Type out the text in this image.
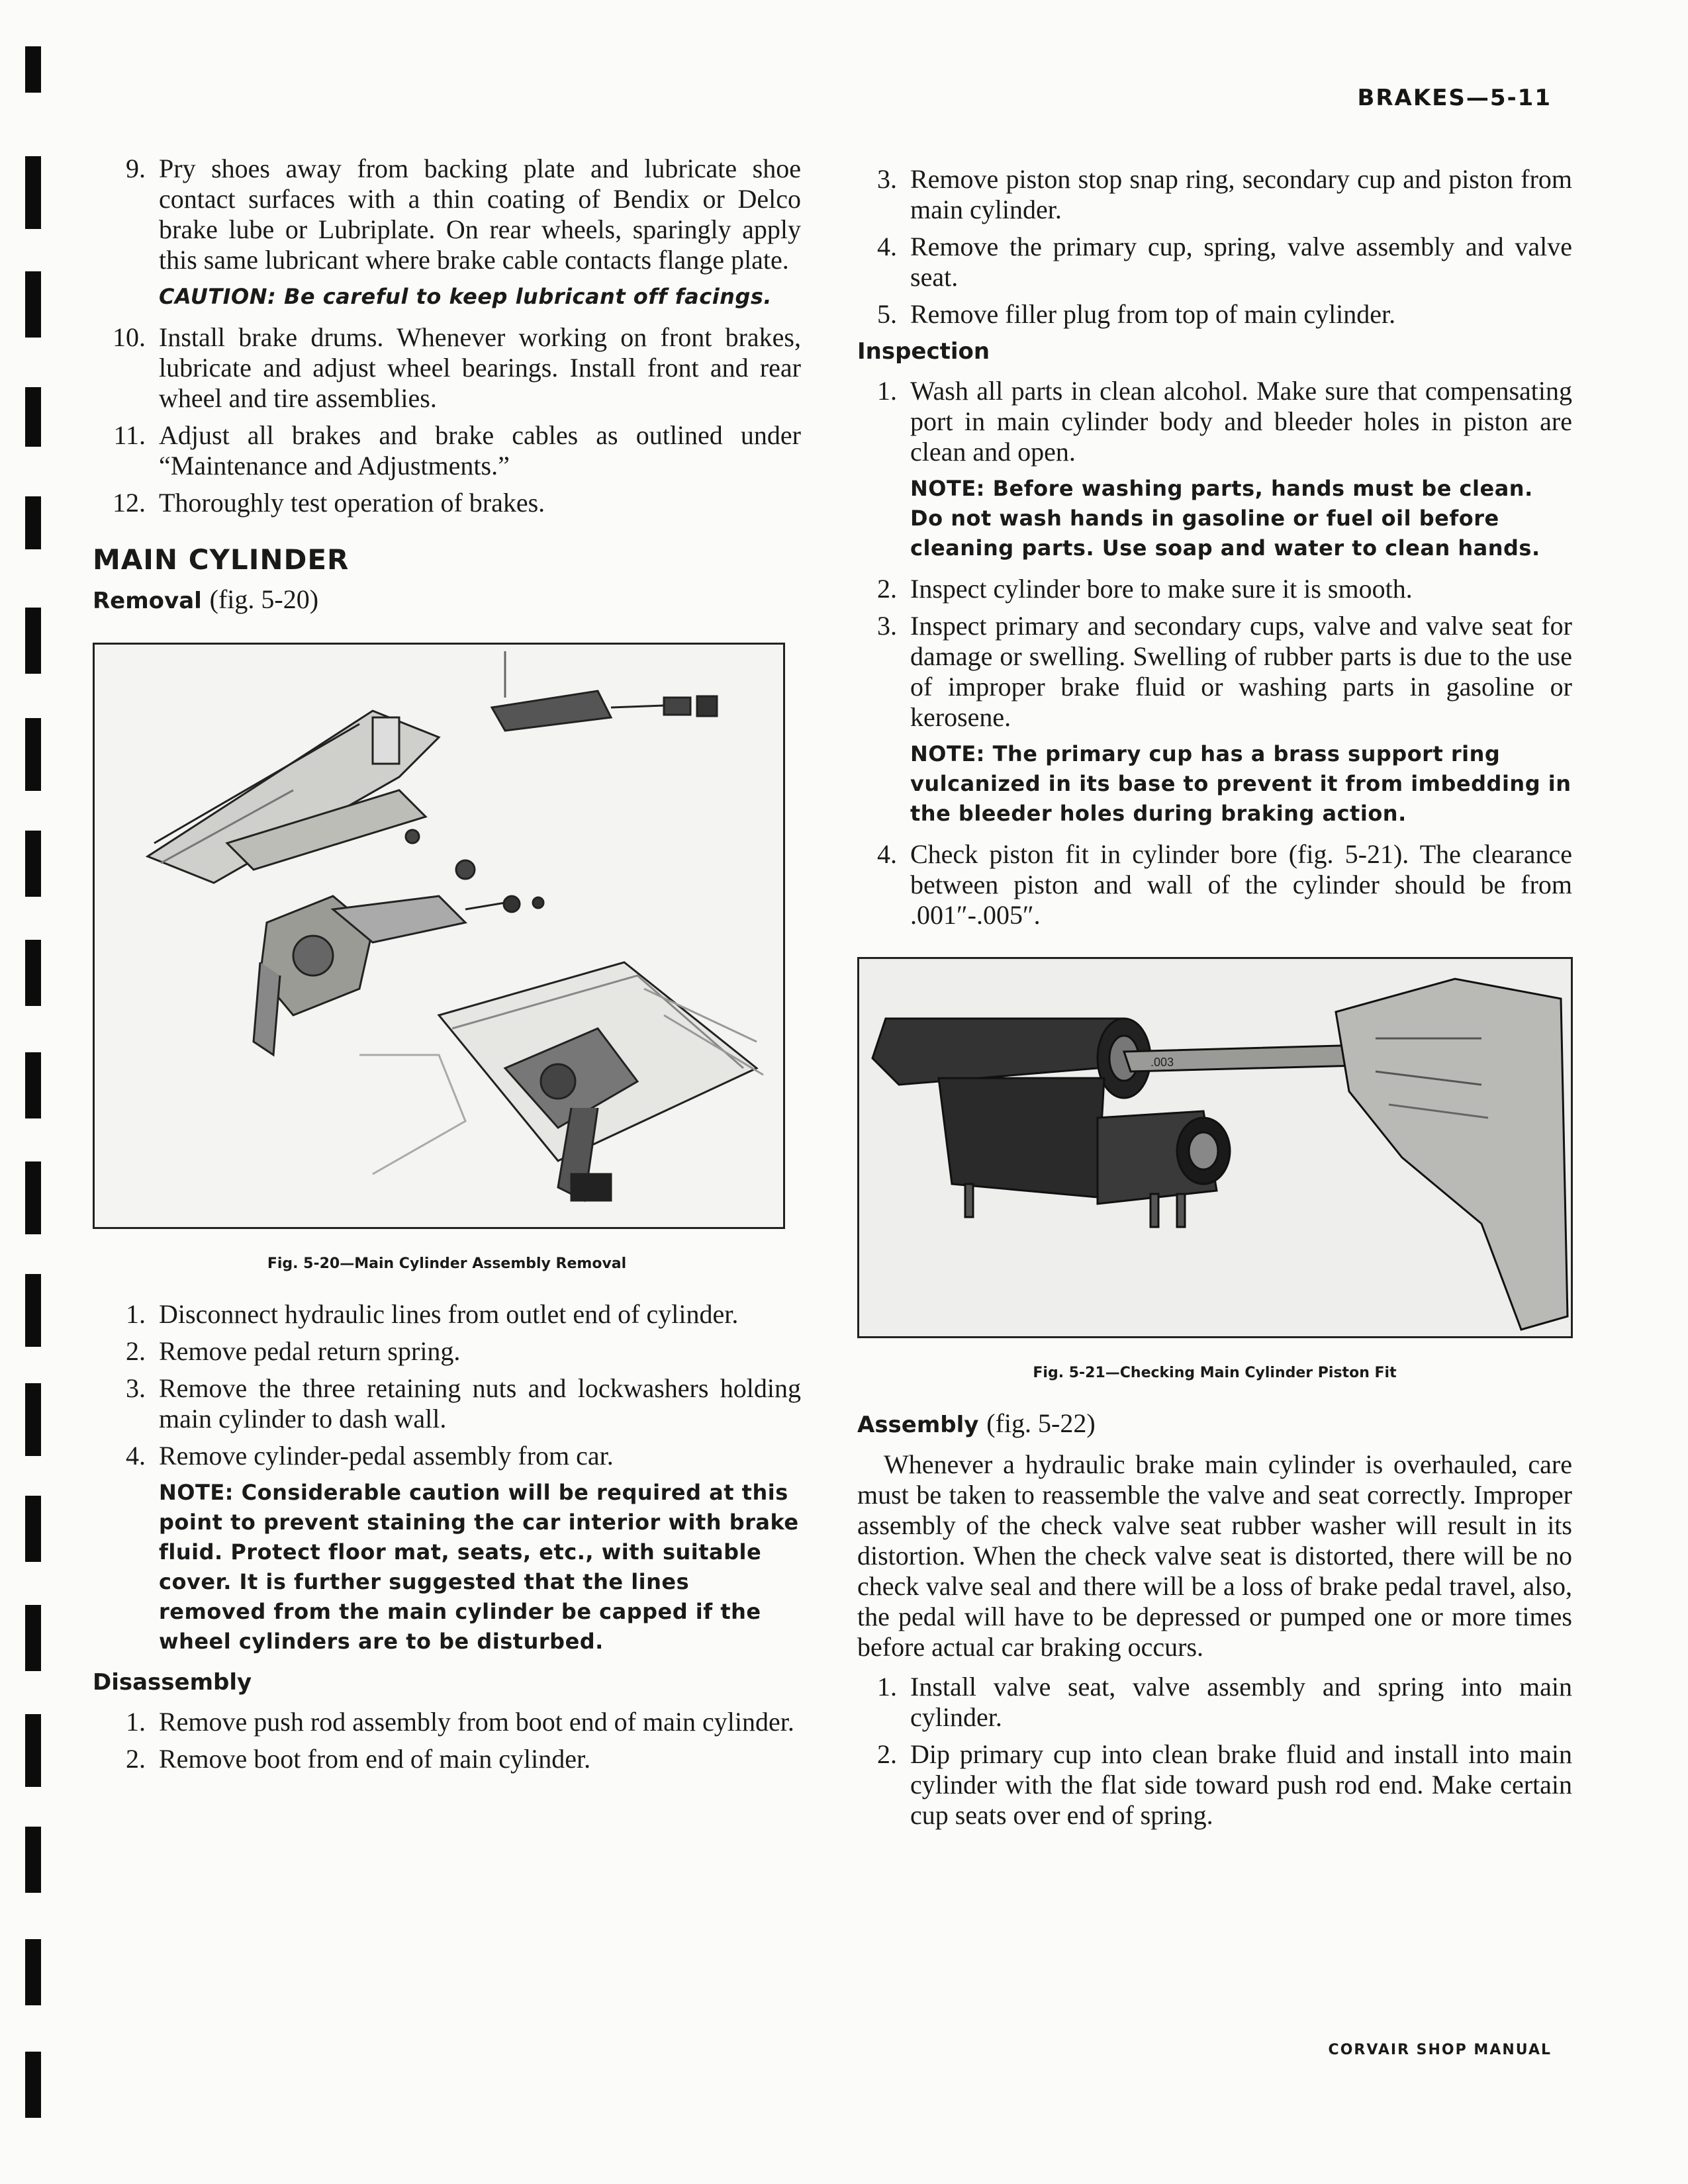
BRAKES—5-11
9. Pry shoes away from backing plate and lubricate shoe contact surfaces with a thin coating of Bendix or Delco brake lube or Lubriplate. On rear wheels, sparingly apply this same lubricant where brake cable contacts flange plate.
CAUTION: Be careful to keep lubricant off facings.
10. Install brake drums. Whenever working on front brakes, lubricate and adjust wheel bearings. Install front and rear wheel and tire assemblies.
11. Adjust all brakes and brake cables as outlined under “Maintenance and Adjustments.”
12. Thoroughly test operation of brakes.
MAIN CYLINDER
Removal (fig. 5-20)
Fig. 5-20—Main Cylinder Assembly Removal
1. Disconnect hydraulic lines from outlet end of cylinder.
2. Remove pedal return spring.
3. Remove the three retaining nuts and lockwashers holding main cylinder to dash wall.
4. Remove cylinder-pedal assembly from car.
NOTE: Considerable caution will be required at this point to prevent staining the car interior with brake fluid. Protect floor mat, seats, etc., with suitable cover. It is further suggested that the lines removed from the main cylinder be capped if the wheel cylinders are to be disturbed.
Disassembly
1. Remove push rod assembly from boot end of main cylinder.
2. Remove boot from end of main cylinder.
3. Remove piston stop snap ring, secondary cup and piston from main cylinder.
4. Remove the primary cup, spring, valve assembly and valve seat.
5. Remove filler plug from top of main cylinder.
Inspection
1. Wash all parts in clean alcohol. Make sure that compensating port in main cylinder body and bleeder holes in piston are clean and open.
NOTE: Before washing parts, hands must be clean. Do not wash hands in gasoline or fuel oil before cleaning parts. Use soap and water to clean hands.
2. Inspect cylinder bore to make sure it is smooth.
3. Inspect primary and secondary cups, valve and valve seat for damage or swelling. Swelling of rubber parts is due to the use of improper brake fluid or washing parts in gasoline or kerosene.
NOTE: The primary cup has a brass support ring vulcanized in its base to prevent it from imbedding in the bleeder holes during braking action.
4. Check piston fit in cylinder bore (fig. 5-21). The clearance between piston and wall of the cylinder should be from .001″-.005″.
.003
Fig. 5-21—Checking Main Cylinder Piston Fit
Assembly (fig. 5-22)
Whenever a hydraulic brake main cylinder is overhauled, care must be taken to reassemble the valve and seat correctly. Improper assembly of the check valve seat rubber washer will result in its distortion. When the check valve seat is distorted, there will be no check valve seal and there will be a loss of brake pedal travel, also, the pedal will have to be depressed or pumped one or more times before actual car braking occurs.
1. Install valve seat, valve assembly and spring into main cylinder.
2. Dip primary cup into clean brake fluid and install into main cylinder with the flat side toward push rod end. Make certain cup seats over end of spring.
CORVAIR SHOP MANUAL
